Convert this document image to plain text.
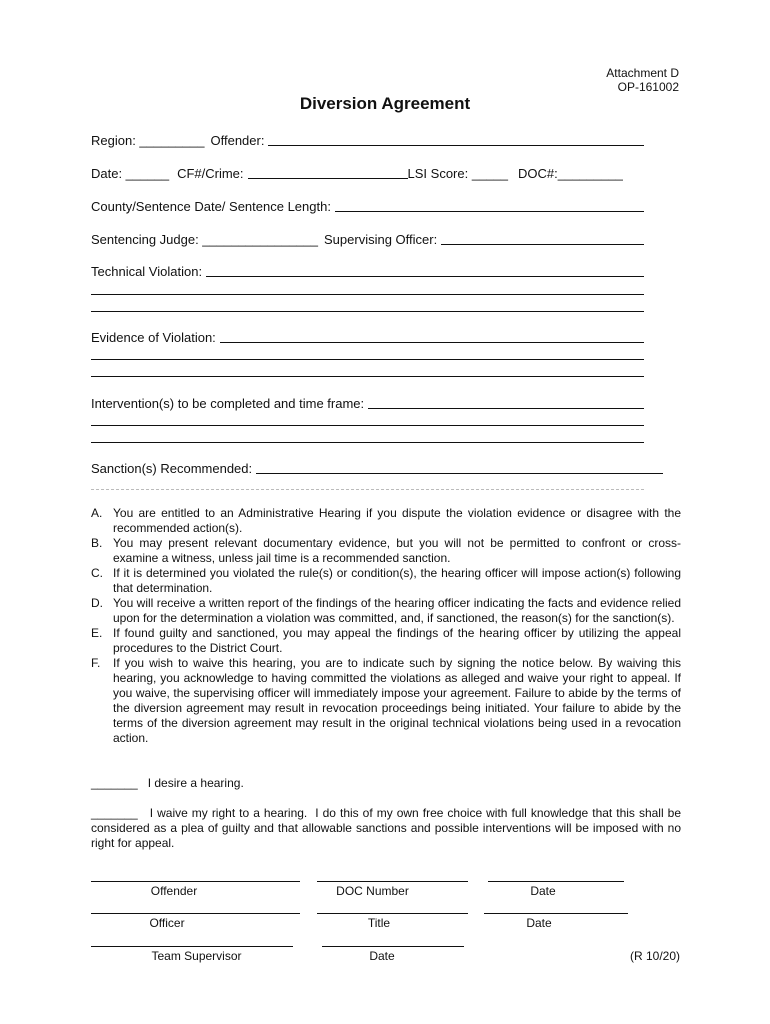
Attachment D
OP-161002
Diversion Agreement
Region: _________ Offender:
Date: ______ CF#/Crime:	LSI Score: _____ DOC#:_________
County/Sentence Date/ Sentence Length:
Sentencing Judge: ________________ Supervising Officer:
Technical Violation:
Evidence of Violation:
Intervention(s) to be completed and time frame:
Sanction(s) Recommended:
A. You are entitled to an Administrative Hearing if you dispute the violation evidence or disagree with the recommended action(s).
B. You may present relevant documentary evidence, but you will not be permitted to confront or cross-examine a witness, unless jail time is a recommended sanction.
C. If it is determined you violated the rule(s) or condition(s), the hearing officer will impose action(s) following that determination.
D. You will receive a written report of the findings of the hearing officer indicating the facts and evidence relied upon for the determination a violation was committed, and, if sanctioned, the reason(s) for the sanction(s).
E. If found guilty and sanctioned, you may appeal the findings of the hearing officer by utilizing the appeal procedures to the District Court.
F.	If you wish to waive this hearing, you are to indicate such by signing the notice below. By waiving this hearing, you acknowledge to having committed the violations as alleged and waive your right to appeal. If you waive, the supervising officer will immediately impose your agreement. Failure to abide by the terms of the diversion agreement may result in revocation proceedings being initiated. Your failure to abide by the terms of the diversion agreement may result in the original technical violations being used in a revocation action.
_______   I desire a hearing.
_______   I waive my right to a hearing.  I do this of my own free choice with full knowledge that this shall be considered as a plea of guilty and that allowable sanctions and possible interventions will be imposed with no right for appeal.
Offender	DOC Number	Date
Officer	Title	Date
Team Supervisor	Date	(R 10/20)
